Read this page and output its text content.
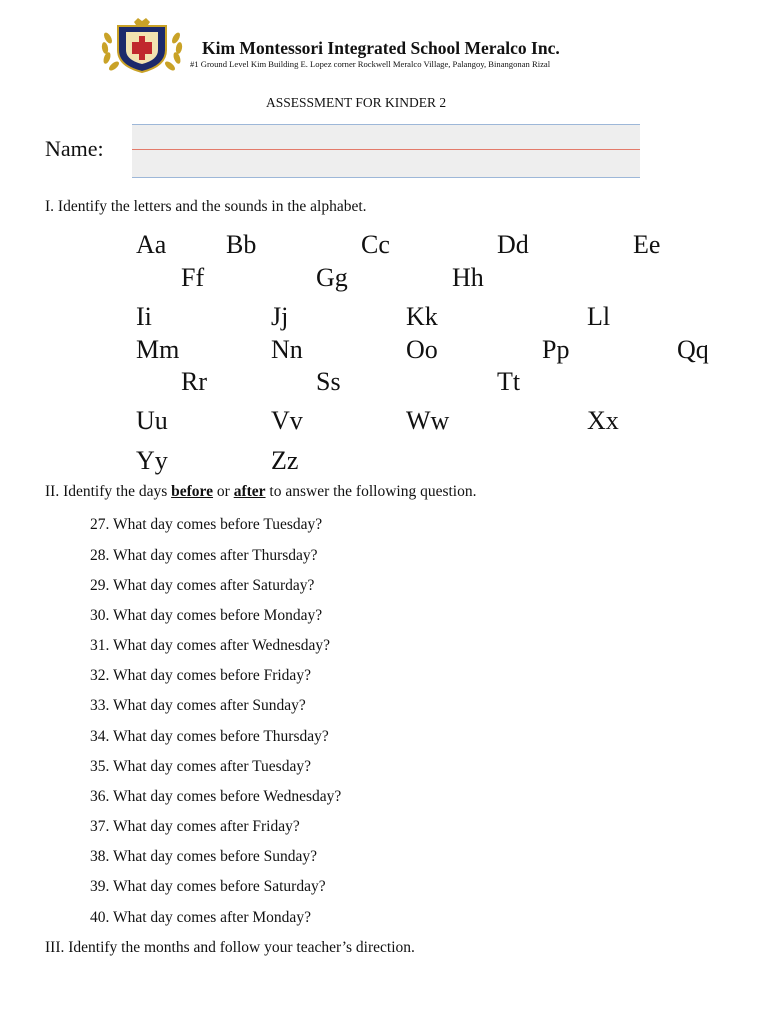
Kim Montessori Integrated School Meralco Inc.
#1 Ground Level Kim Building E. Lopez corner Rockwell Meralco Village, Palangoy, Binangonan Rizal
ASSESSMENT FOR KINDER 2
Name:
I. Identify the letters and the sounds in the alphabet.
Aa Bb	Cc	Dd	Ee
Ff	Gg	Hh
Ii	Jj	Kk	Ll
Mm	Nn	Oo	Pp	Qq
Rr	Ss	Tt
Uu	Vv	Ww	Xx
Yy	Zz
II. Identify the days before or after to answer the following question.
27. What day comes before Tuesday?
28. What day comes after Thursday?
29. What day comes after Saturday?
30. What day comes before Monday?
31. What day comes after Wednesday?
32. What day comes before Friday?
33. What day comes after Sunday?
34. What day comes before Thursday?
35. What day comes after Tuesday?
36. What day comes before Wednesday?
37. What day comes after Friday?
38. What day comes before Sunday?
39. What day comes before Saturday?
40. What day comes after Monday?
III. Identify the months and follow your teacher’s direction.
